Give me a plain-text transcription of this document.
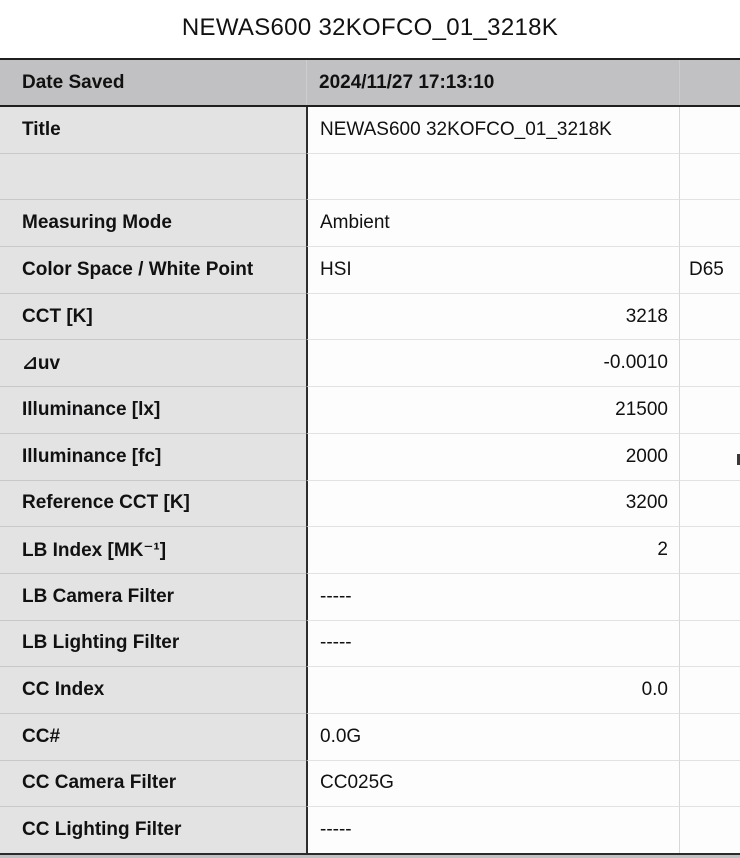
NEWAS600 32KOFCO_01_3218K
Date Saved	2024/11/27 17:13:10
Title	NEWAS600 32KOFCO_01_3218K
Measuring Mode	Ambient
Color Space / White Point	HSI	D65
CCT [K]	3218
⊿uv	-0.0010
Illuminance [lx]	21500
Illuminance [fc]	2000
Reference CCT [K]	3200
LB Index [MK⁻¹]	2
LB Camera Filter	-----
LB Lighting Filter	-----
CC Index	0.0
CC#	0.0G
CC Camera Filter	CC025G
CC Lighting Filter	-----
